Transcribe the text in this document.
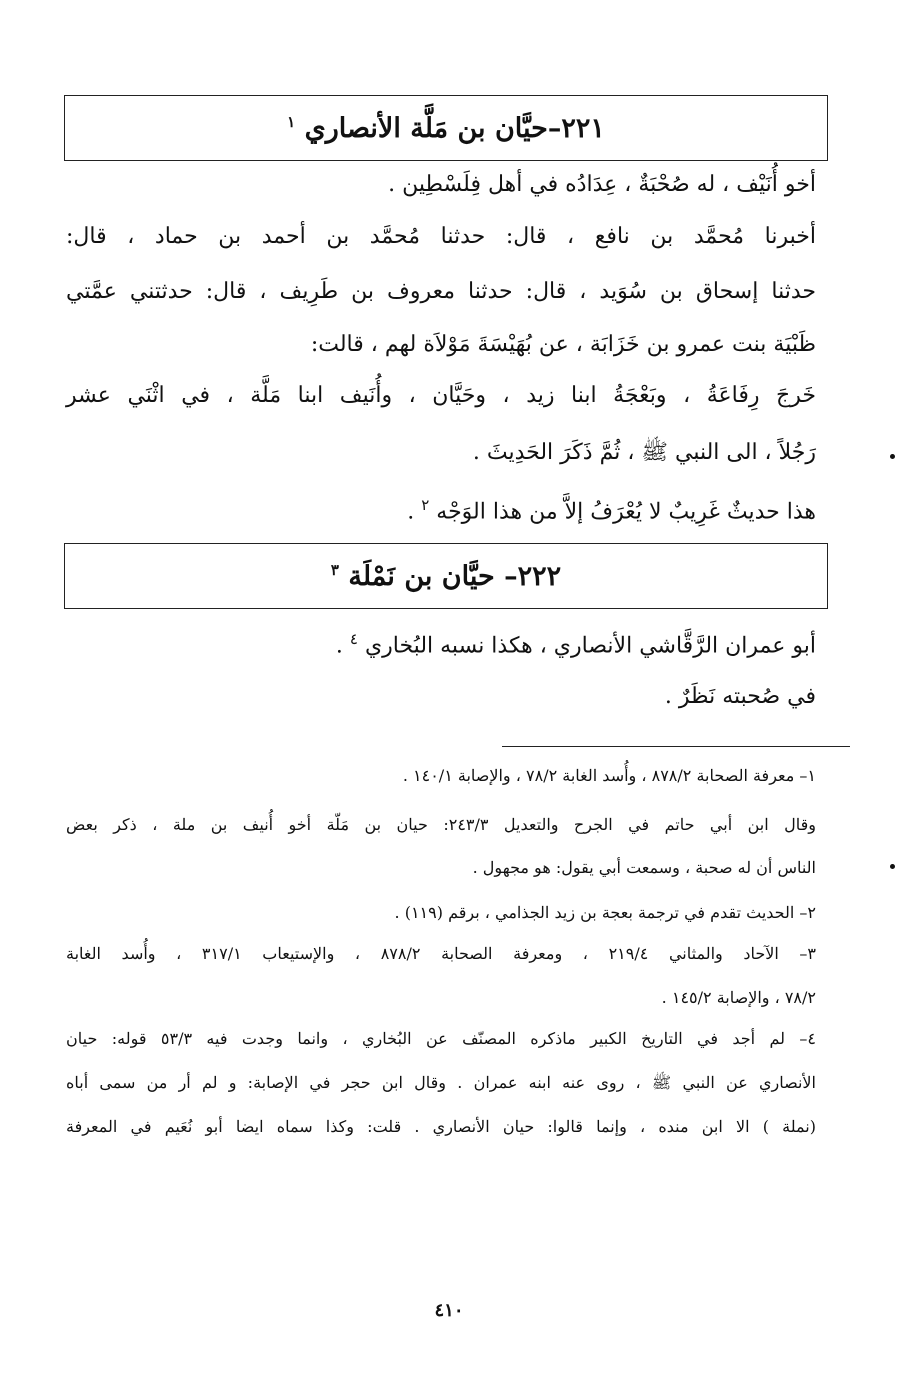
٢٢١–حيَّان بن مَلَّة الأنصاري $^١$
أخو أُنَيْف ، له صُحْبَةٌ ، عِدَادُه في أهل فِلَسْطِين .
أخبرنا مُحمَّد بن نافع ، قال: حدثنا مُحمَّد بن أحمد بن حماد ، قال:
حدثنا إسحاق بن سُوَيد ، قال: حدثنا معروف بن طَرِيف ، قال: حدثتني عمَّتي
ظَبْيَة بنت عمرو بن خَزَابَة ، عن بُهَيْسَةَ مَوْلاَة لهم ، قالت:
خَرجَ رِفَاعَةُ ، وبَعْجَةُ ابنا زيد ، وحَيَّان ، وأُنَيف ابنا مَلَّة ، في اثْنَي عشر
رَجُلاً ، الى النبي ﷺ ، ثُمَّ ذَكَرَ الحَدِيثَ .
هذا حديثٌ غَرِيبٌ لا يُعْرَفُ إلاَّ من هذا الوَجْه $^٢$ .
٢٢٢– حيَّان بن نَمْلَة $^٣$
أبو عمران الرَّقَّاشي الأنصاري ، هكذا نسبه البُخاري $^٤$ .
في صُحبته نَظَرٌ .
١– معرفة الصحابة ٨٧٨/٢ ، وأُسد الغابة ٧٨/٢ ، والإصابة ١٤٠/١ .
وقال ابن أبي حاتم في الجرح والتعديل ٢٤٣/٣: حيان بن مَلّة أخو أُنيف بن ملة ، ذكر بعض
الناس أن له صحبة ، وسمعت أبي يقول: هو مجهول .
٢– الحديث تقدم في ترجمة بعجة بن زيد الجذامي ، برقم (١١٩) .
٣– الآحاد والمثاني ٢١٩/٤ ، ومعرفة الصحابة ٨٧٨/٢ ، والإستيعاب ٣١٧/١ ، وأُسد الغابة
٧٨/٢ ، والإصابة ١٤٥/٢ .
٤– لم أجد في التاريخ الكبير ماذكره المصنّف عن البُخاري ، وانما وجدت فيه ٥٣/٣ قوله: حيان
الأنصاري عن النبي ﷺ ، روى عنه ابنه عمران . وقال ابن حجر في الإصابة: و لم أر من سمى أباه
(نملة ) الا ابن منده ، وإنما قالوا: حيان الأنصاري . قلت: وكذا سماه ايضا أبو نُعَيم في المعرفة
٤١٠
